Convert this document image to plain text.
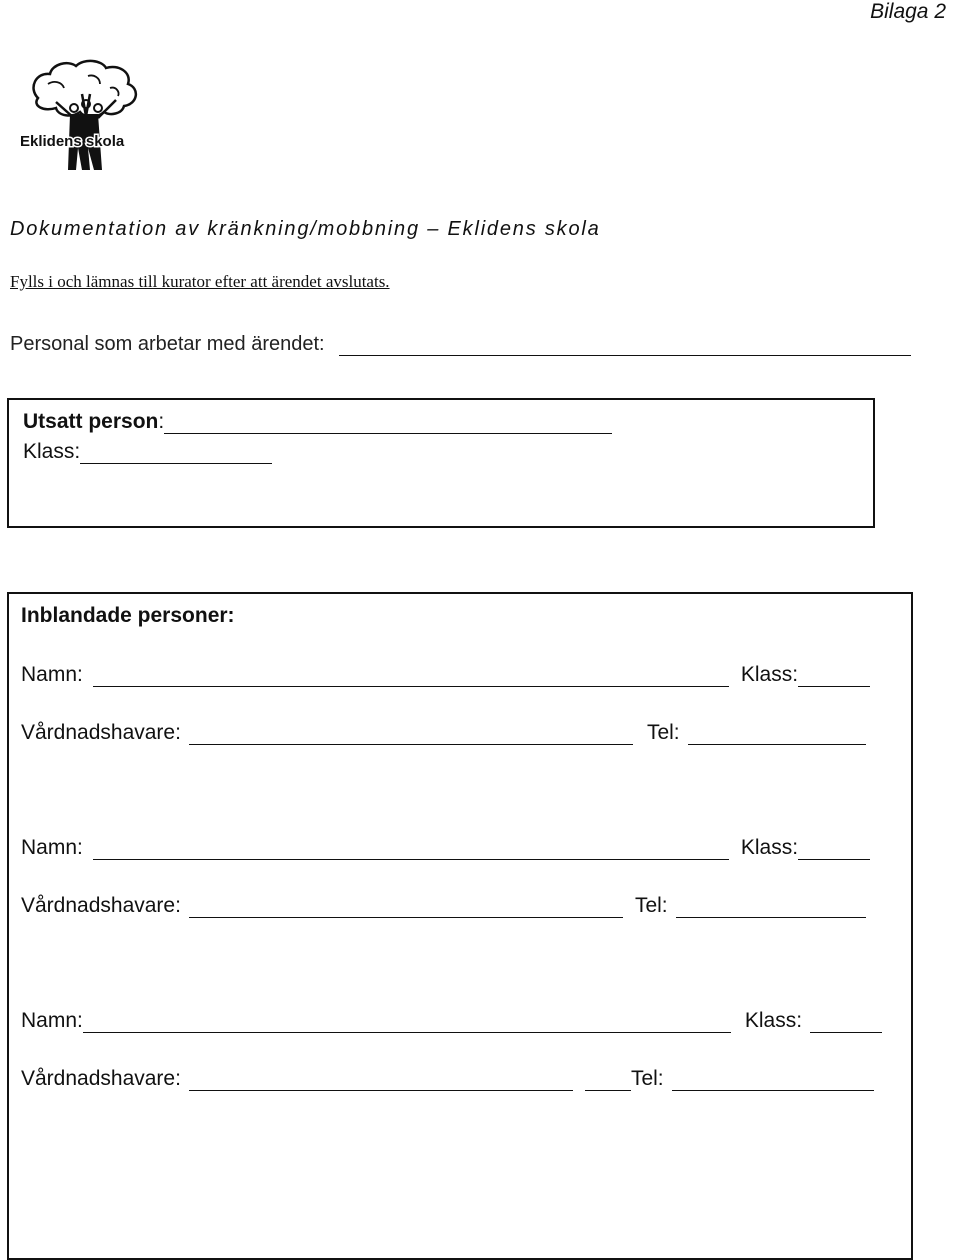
Bilaga 2
Eklidens skola
Dokumentation av kränkning/mobbning – Eklidens skola
Fylls i och lämnas till kurator efter att ärendet avslutats.
Personal som arbetar med ärendet:
Utsatt person :
Klass:
Inblandade personer:
Namn:	Klass:
Vårdnadshavare:	Tel:
Namn:	Klass:
Vårdnadshavare:	Tel:
Namn:	Klass:
Vårdnadshavare:	Tel:
